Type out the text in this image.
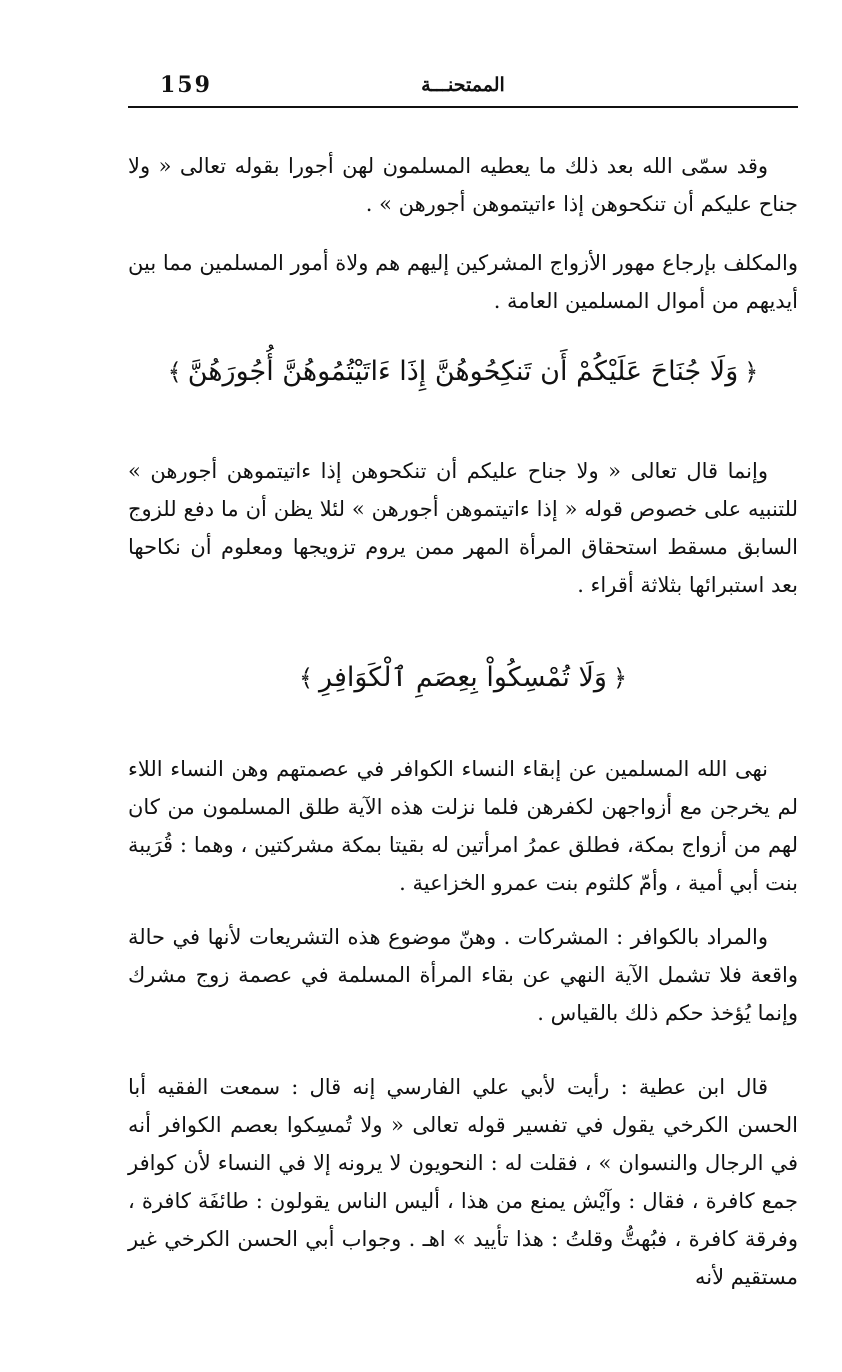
159	الممتحنـــة

وقد سمّى الله بعد ذلك ما يعطيه المسلمون لهن أجورا بقوله تعالى « ولا جناح عليكم أن تنكحوهن إذا ءاتيتموهن أجورهن » .

والمكلف بإرجاع مهور الأزواج المشركين إليهم هم ولاة أمور المسلمين مما بين أيديهم من أموال المسلمين العامة .

﴿وَلَا جُنَاحَ عَلَيْكُمْ أَن تَنكِحُوهُنَّ إِذَا ءَاتَيْتُمُوهُنَّ أُجُورَهُنَّ﴾

وإنما قال تعالى « ولا جناح عليكم أن تنكحوهن إذا ءاتيتموهن أجورهن » للتنبيه على خصوص قوله « إذا ءاتيتموهن أجورهن » لئلا يظن أن ما دفع للزوج السابق مسقط استحقاق المرأة المهر ممن يروم تزويجها ومعلوم أن نكاحها بعد استبرائها بثلاثة أقراء .

﴿وَلَا تُمْسِكُواْ بِعِصَمِ ٱلْكَوَافِرِ﴾

نهى الله المسلمين عن إبقاء النساء الكوافر في عصمتهم وهن النساء اللاء لم يخرجن مع أزواجهن لكفرهن فلما نزلت هذه الآية طلق المسلمون من كان لهم من أزواج بمكة، فطلق عمرُ امرأتين له بقيتا بمكة مشركتين ، وهما : قُرَيبة بنت أبي أمية ، وأمّ كلثوم بنت عمرو الخزاعية .

والمراد بالكوافر : المشركات . وهنّ موضوع هذه التشريعات لأنها في حالة واقعة فلا تشمل الآية النهي عن بقاء المرأة المسلمة في عصمة زوج مشرك وإنما يُؤخذ حكم ذلك بالقياس .

قال ابن عطية : رأيت لأبي علي الفارسي إنه قال : سمعت الفقيه أبا الحسن الكرخي يقول في تفسير قوله تعالى « ولا تُمسِكوا بعصم الكوافر أنه في الرجال والنسوان » ، فقلت له : النحويون لا يرونه إلا في النساء لأن كوافر جمع كافرة ، فقال : وآيْش يمنع من هذا ، أليس الناس يقولون : طائفَة كافرة ، وفرقة كافرة ، فبُهتُّ وقلتُ : هذا تأييد » اهـ . وجواب أبي الحسن الكرخي غير مستقيم لأنه
